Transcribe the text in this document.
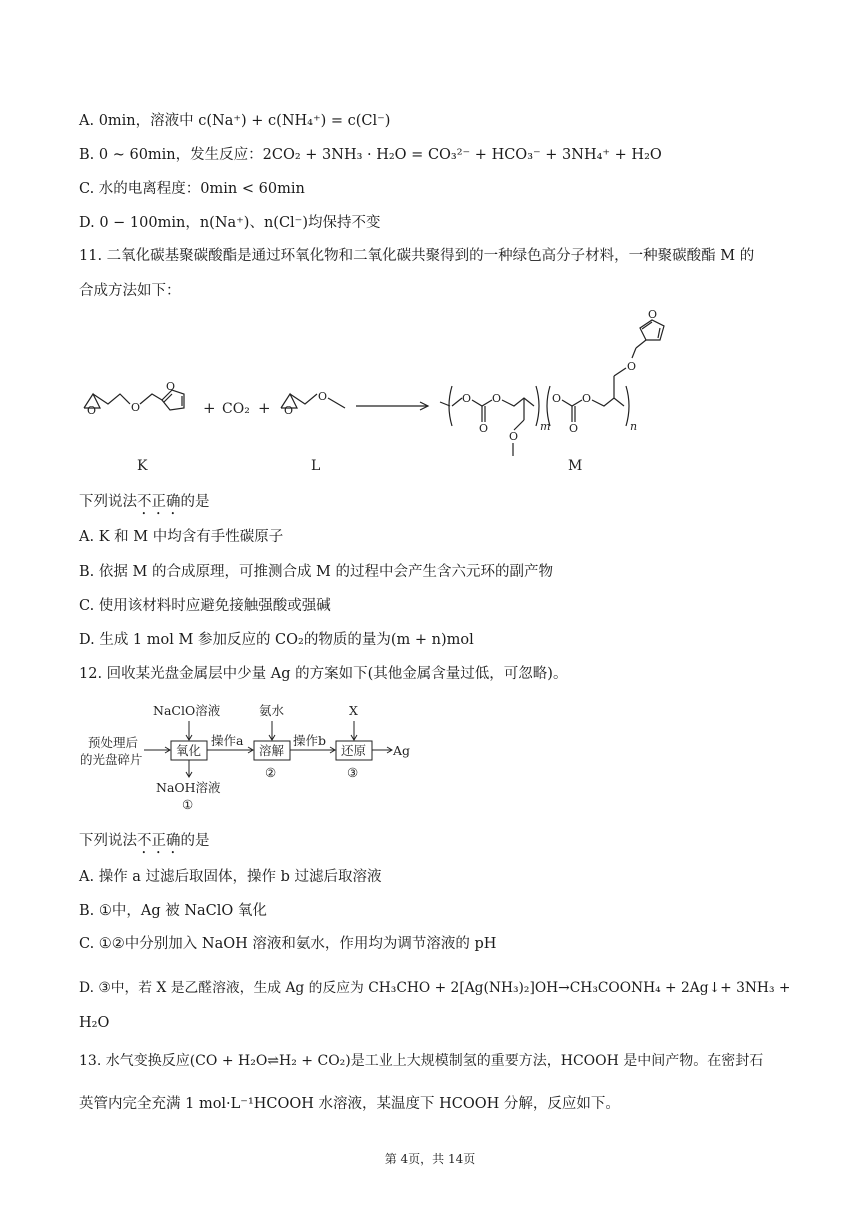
A. 0min，溶液中 c(Na⁺) + c(NH₄⁺) = c(Cl⁻)
B. 0 ~ 60min，发生反应：2CO₂ + 3NH₃ · H₂O = CO₃²⁻ + HCO₃⁻ + 3NH₄⁺ + H₂O
C. 水的电离程度：0min < 60min
D. 0 − 100min，n(Na⁺)、n(Cl⁻)均保持不变
11. 二氧化碳基聚碳酸酯是通过环氧化物和二氧化碳共聚得到的一种绿色高分子材料，一种聚碳酸酯 M 的
合成方法如下：
O	O
O
+ CO₂ + O
O	O
O
O
O
m
O
O
O
O
O
n
K	L	M
下列说法不正确的是
A. K 和 M 中均含有手性碳原子
B. 依据 M 的合成原理，可推测合成 M 的过程中会产生含六元环的副产物
C. 使用该材料时应避免接触强酸或强碱
D. 生成 1 mol M 参加反应的 CO₂的物质的量为(m + n)mol
12. 回收某光盘金属层中少量 Ag 的方案如下(其他金属含量过低，可忽略)。
预处理后
的光盘碎片
氧化
NaClO溶液
NaOH溶液
①
操作a
溶解
氨水
②
操作b
还原
X
③
Ag
下列说法不正确的是
A. 操作 a 过滤后取固体，操作 b 过滤后取溶液
B. ①中，Ag 被 NaClO 氧化
C. ①②中分别加入 NaOH 溶液和氨水，作用均为调节溶液的 pH
D. ③中，若 X 是乙醛溶液，生成 Ag 的反应为 CH₃CHO + 2[Ag(NH₃)₂]OH→CH₃COONH₄ + 2Ag↓+ 3NH₃ +
H₂O
13. 水气变换反应(CO + H₂O⇌H₂ + CO₂)是工业上大规模制氢的重要方法，HCOOH 是中间产物。在密封石
英管内完全充满 1 mol·L⁻¹HCOOH 水溶液，某温度下 HCOOH 分解，反应如下。
第 4页，共 14页
